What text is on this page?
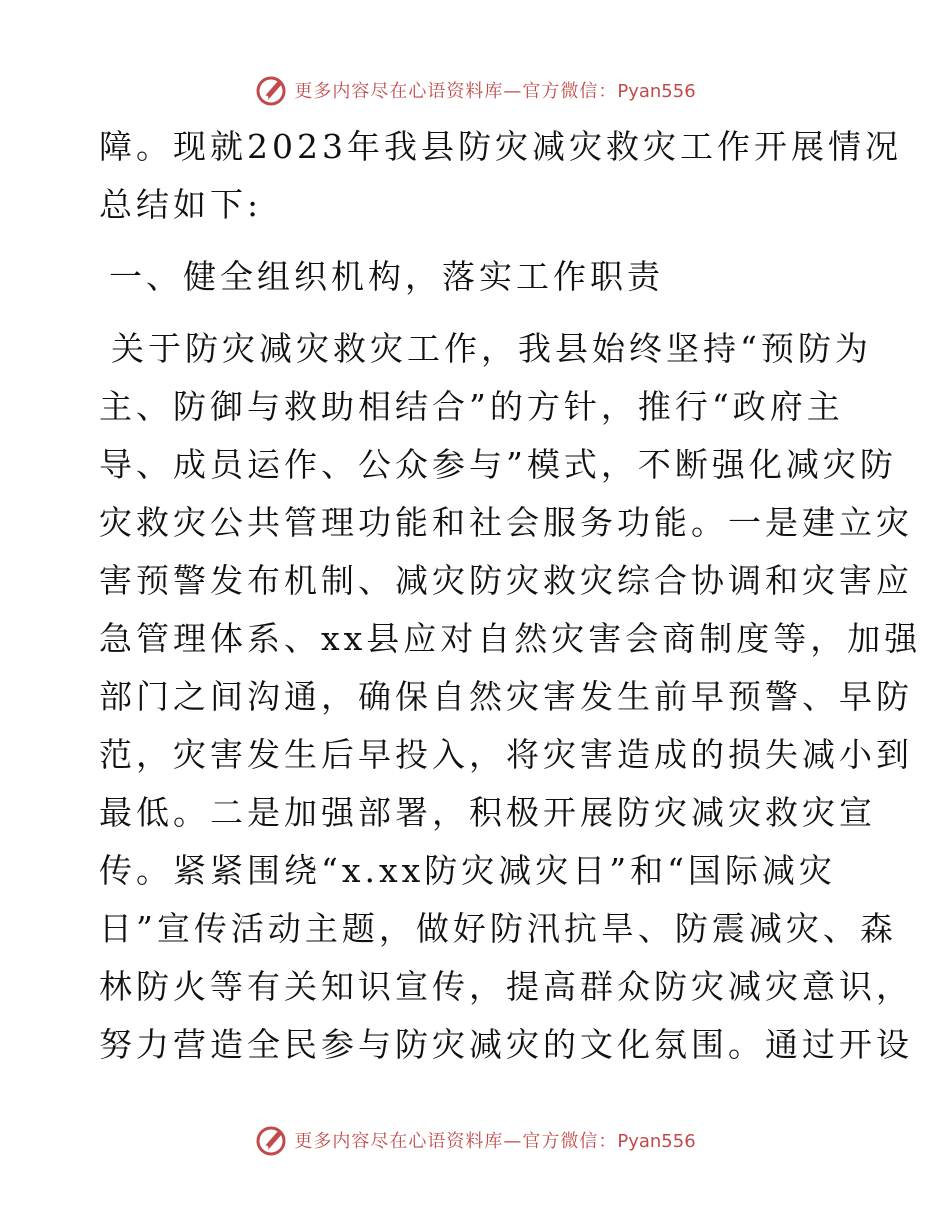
更多内容尽在心语资料库—官方微信：Pyan556
障。现就2023年我县防灾减灾救灾工作开展情况
总结如下:
一、健全组织机构，落实工作职责
关于防灾减灾救灾工作，我县始终坚持“预防为
主、防御与救助相结合”的方针，推行“政府主
导、成员运作、公众参与”模式，不断强化减灾防
灾救灾公共管理功能和社会服务功能。一是建立灾
害预警发布机制、减灾防灾救灾综合协调和灾害应
急管理体系、xx县应对自然灾害会商制度等，加强
部门之间沟通，确保自然灾害发生前早预警、早防
范，灾害发生后早投入，将灾害造成的损失减小到
最低。二是加强部署，积极开展防灾减灾救灾宣
传。紧紧围绕“x.xx防灾减灾日”和“国际减灾
日”宣传活动主题，做好防汛抗旱、防震减灾、森
林防火等有关知识宣传，提高群众防灾减灾意识，
努力营造全民参与防灾减灾的文化氛围。通过开设
更多内容尽在心语资料库—官方微信：Pyan556
